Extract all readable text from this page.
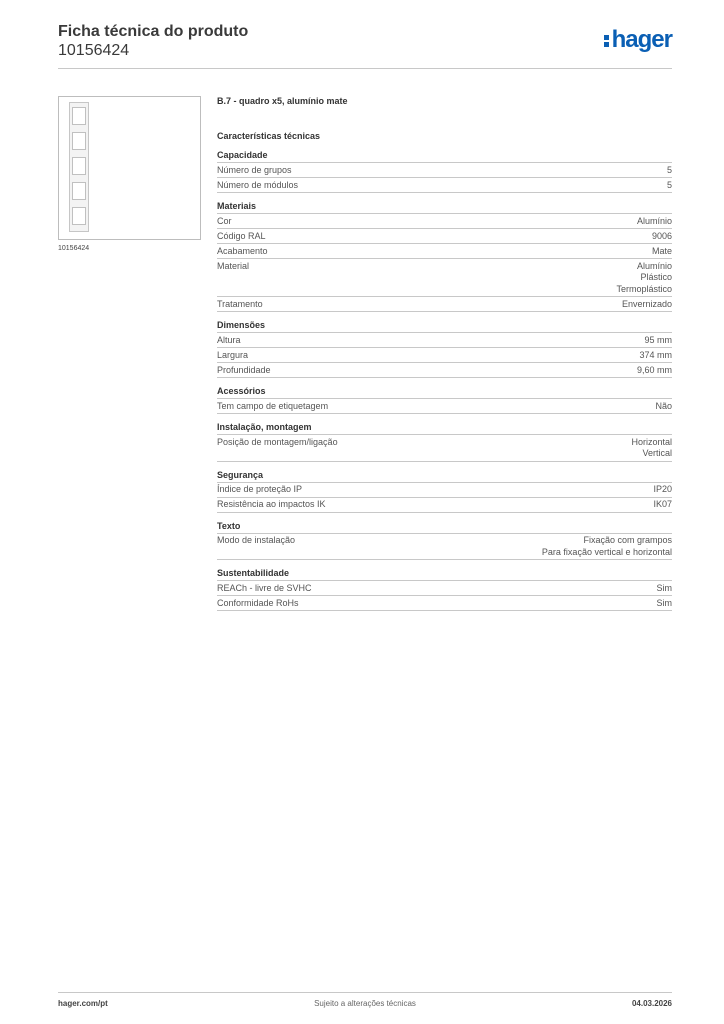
Ficha técnica do produto
10156424	hager
10156424
B.7 - quadro x5, alumínio mate
Características técnicas
Capacidade
Número de grupos	5
Número de módulos	5
Materiais
Cor	Alumínio
Código RAL	9006
Acabamento	Mate
Material	Alumínio
Plástico
Termoplástico
Tratamento	Envernizado
Dimensões
Altura	95 mm
Largura	374 mm
Profundidade	9,60 mm
Acessórios
Tem campo de etiquetagem	Não
Instalação, montagem
Posição de montagem/ligação	Horizontal
Vertical
Segurança
Índice de proteção IP	IP20
Resistência ao impactos IK	IK07
Texto
Modo de instalação	Fixação com grampos
Para fixação vertical e horizontal
Sustentabilidade
REACh - livre de SVHC	Sim
Conformidade RoHs	Sim
hager.com/pt	Sujeito a alterações técnicas	04.03.2026
